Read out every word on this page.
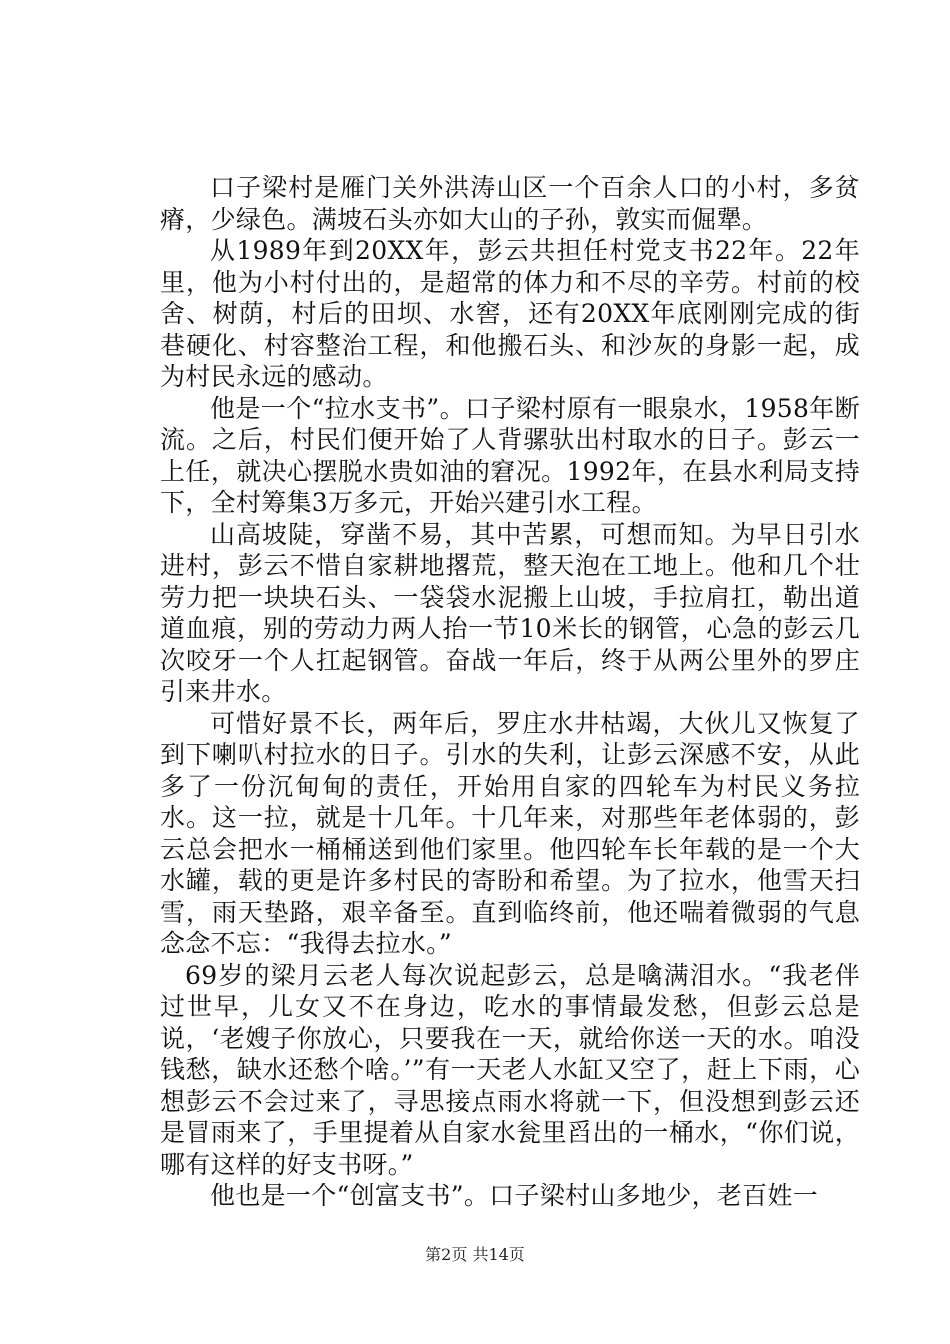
口子梁村是雁门关外洪涛山区一个百余人口的小村，多贫瘠，少绿色。满坡石头亦如大山的子孙，敦实而倔犟。

从1989年到20XX年，彭云共担任村党支书22年。22年里，他为小村付出的，是超常的体力和不尽的辛劳。村前的校舍、树荫，村后的田坝、水窖，还有20XX年底刚刚完成的街巷硬化、村容整治工程，和他搬石头、和沙灰的身影一起，成为村民永远的感动。

他是一个“拉水支书”。口子梁村原有一眼泉水，1958年断流。之后，村民们便开始了人背骡驮出村取水的日子。彭云一上任，就决心摆脱水贵如油的窘况。1992年，在县水利局支持下，全村筹集3万多元，开始兴建引水工程。

山高坡陡，穿凿不易，其中苦累，可想而知。为早日引水进村，彭云不惜自家耕地撂荒，整天泡在工地上。他和几个壮劳力把一块块石头、一袋袋水泥搬上山坡，手拉肩扛，勒出道道血痕，别的劳动力两人抬一节10米长的钢管，心急的彭云几次咬牙一个人扛起钢管。奋战一年后，终于从两公里外的罗庄引来井水。

可惜好景不长，两年后，罗庄水井枯竭，大伙儿又恢复了到下喇叭村拉水的日子。引水的失利，让彭云深感不安，从此多了一份沉甸甸的责任，开始用自家的四轮车为村民义务拉水。这一拉，就是十几年。十几年来，对那些年老体弱的，彭云总会把水一桶桶送到他们家里。他四轮车长年载的是一个大水罐，载的更是许多村民的寄盼和希望。为了拉水，他雪天扫雪，雨天垫路，艰辛备至。直到临终前，他还喘着微弱的气息念念不忘：“我得去拉水。”

69岁的梁月云老人每次说起彭云，总是噙满泪水。“我老伴过世早，儿女又不在身边，吃水的事情最发愁，但彭云总是说，‘老嫂子你放心，只要我在一天，就给你送一天的水。咱没钱愁，缺水还愁个啥。’”有一天老人水缸又空了，赶上下雨，心想彭云不会过来了，寻思接点雨水将就一下，但没想到彭云还是冒雨来了，手里提着从自家水瓮里舀出的一桶水，“你们说，哪有这样的好支书呀。”

他也是一个“创富支书”。口子梁村山多地少，老百姓一

第2页 共14页
